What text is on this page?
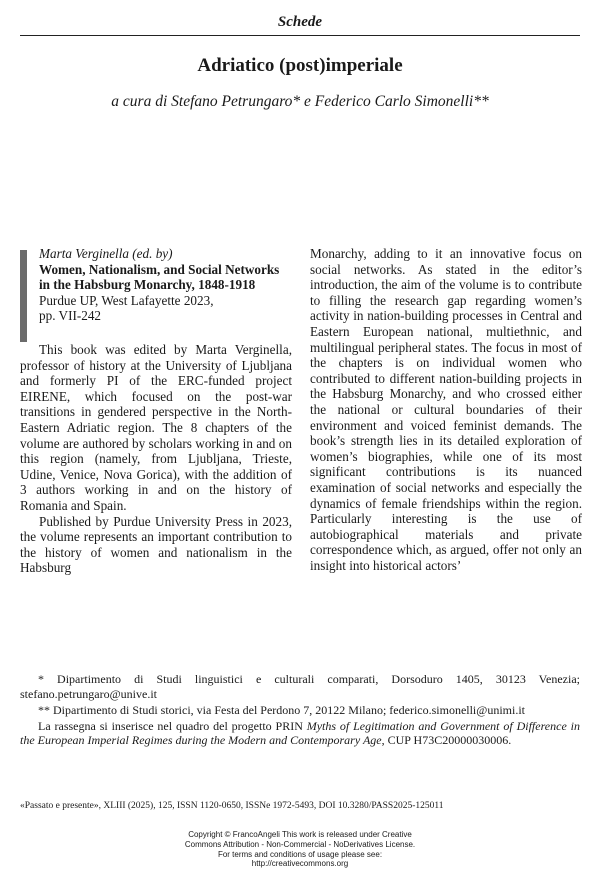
Schede
Adriatico (post)imperiale
a cura di Stefano Petrungaro* e Federico Carlo Simonelli**
Marta Verginella (ed. by)
Women, Nationalism, and Social Networks in the Habsburg Monarchy, 1848-1918
Purdue UP, West Lafayette 2023,
pp. VII-242

This book was edited by Marta Verginella, professor of history at the University of Ljubljana and formerly PI of the ERC-funded project EIRENE, which focused on the post-war transitions in gendered perspective in the North-Eastern Adriatic region. The 8 chapters of the volume are authored by scholars working in and on this region (namely, from Ljubljana, Trieste, Udine, Venice, Nova Gorica), with the addition of 3 authors working in and on the history of Romania and Spain.

Published by Purdue University Press in 2023, the volume represents an important contribution to the history of women and nationalism in the Habsburg

Monarchy, adding to it an innovative focus on social networks. As stated in the editor’s introduction, the aim of the volume is to contribute to filling the research gap regarding women’s activity in nation-building processes in Central and Eastern European national, multiethnic, and multilingual peripheral states. The focus in most of the chapters is on individual women who contributed to different nation-building projects in the Habsburg Monarchy, and who crossed either the national or cultural boundaries of their environment and voiced feminist demands. The book’s strength lies in its detailed exploration of women’s biographies, while one of its most significant contributions is its nuanced examination of social networks and especially the dynamics of female friendships within the region. Particularly interesting is the use of autobiographical materials and private correspondence which, as argued, offer not only an insight into historical actors’

* Dipartimento di Studi linguistici e culturali comparati, Dorsoduro 1405, 30123 Venezia; stefano.petrungaro@unive.it

** Dipartimento di Studi storici, via Festa del Perdono 7, 20122 Milano; federico.simonelli@unimi.it

La rassegna si inserisce nel quadro del progetto PRIN Myths of Legitimation and Government of Difference in the European Imperial Regimes during the Modern and Contemporary Age, CUP H73C20000030006.

«Passato e presente», XLIII (2025), 125, ISSN 1120-0650, ISSNe 1972-5493, DOI 10.3280/PASS2025-125011
Copyright © FrancoAngeli This work is released under Creative
Commons Attribution - Non-Commercial - NoDerivatives License.
For terms and conditions of usage please see:
http://creativecommons.org
